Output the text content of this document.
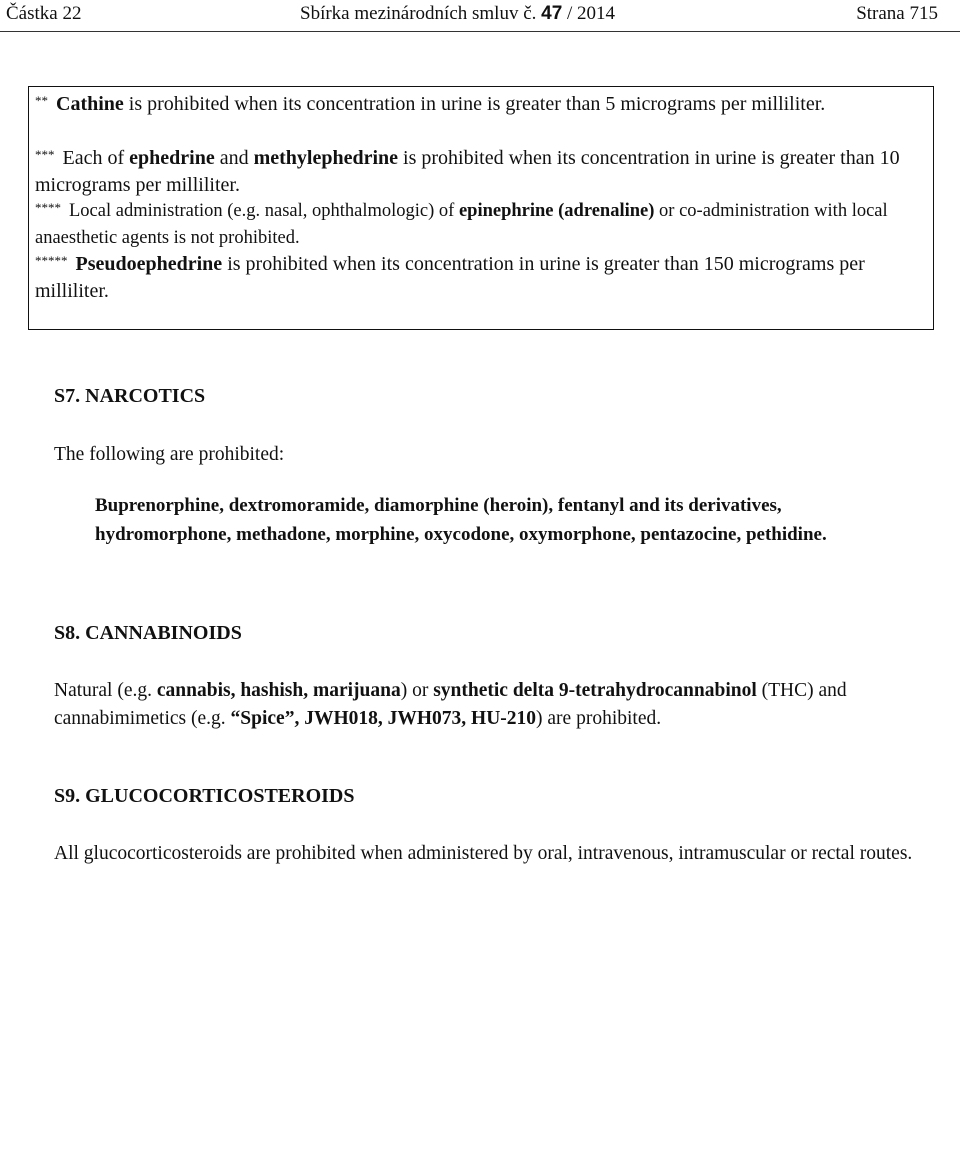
Částka 22	Sbírka mezinárodních smluv č. 47 / 2014	Strana 715
** Cathine is prohibited when its concentration in urine is greater than 5 micrograms per milliliter.
*** Each of ephedrine and methylephedrine is prohibited when its concentration in urine is greater than 10 micrograms per milliliter.
**** Local administration (e.g. nasal, ophthalmologic) of epinephrine (adrenaline) or co-administration with local anaesthetic agents is not prohibited.
***** Pseudoephedrine is prohibited when its concentration in urine is greater than 150 micrograms per milliliter.
S7. NARCOTICS
The following are prohibited:
Buprenorphine, dextromoramide, diamorphine (heroin), fentanyl and its derivatives, hydromorphone, methadone, morphine, oxycodone, oxymorphone, pentazocine, pethidine.
S8. CANNABINOIDS
Natural (e.g. cannabis, hashish, marijuana) or synthetic delta 9-tetrahydrocannabinol (THC) and cannabimimetics (e.g. “Spice”, JWH018, JWH073, HU-210) are prohibited.
S9. GLUCOCORTICOSTEROIDS
All glucocorticosteroids are prohibited when administered by oral, intravenous, intramuscular or rectal routes.
